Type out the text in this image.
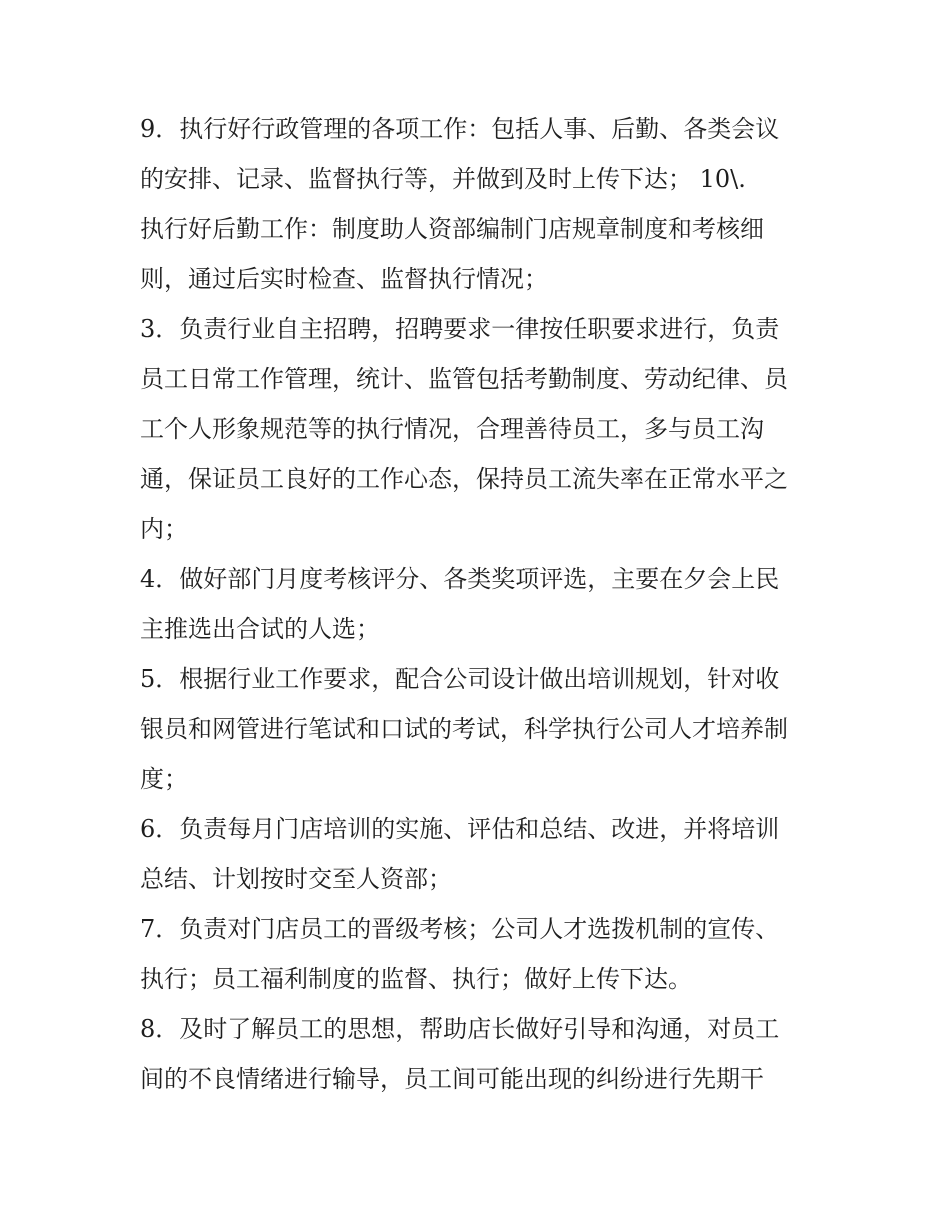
9．执行好行政管理的各项工作：包括人事、后勤、各类会议
的安排、记录、监督执行等，并做到及时上传下达； 10\.
执行好后勤工作：制度助人资部编制门店规章制度和考核细
则，通过后实时检查、监督执行情况；
3．负责行业自主招聘，招聘要求一律按任职要求进行，负责
员工日常工作管理，统计、监管包括考勤制度、劳动纪律、员
工个人形象规范等的执行情况，合理善待员工，多与员工沟
通，保证员工良好的工作心态，保持员工流失率在正常水平之
内；
4．做好部门月度考核评分、各类奖项评选，主要在夕会上民
主推选出合试的人选；
5．根据行业工作要求，配合公司设计做出培训规划，针对收
银员和网管进行笔试和口试的考试，科学执行公司人才培养制
度；
6．负责每月门店培训的实施、评估和总结、改进，并将培训
总结、计划按时交至人资部；
7．负责对门店员工的晋级考核；公司人才选拨机制的宣传、
执行；员工福利制度的监督、执行；做好上传下达。
8．及时了解员工的思想，帮助店长做好引导和沟通，对员工
间的不良情绪进行输导，员工间可能出现的纠纷进行先期干
